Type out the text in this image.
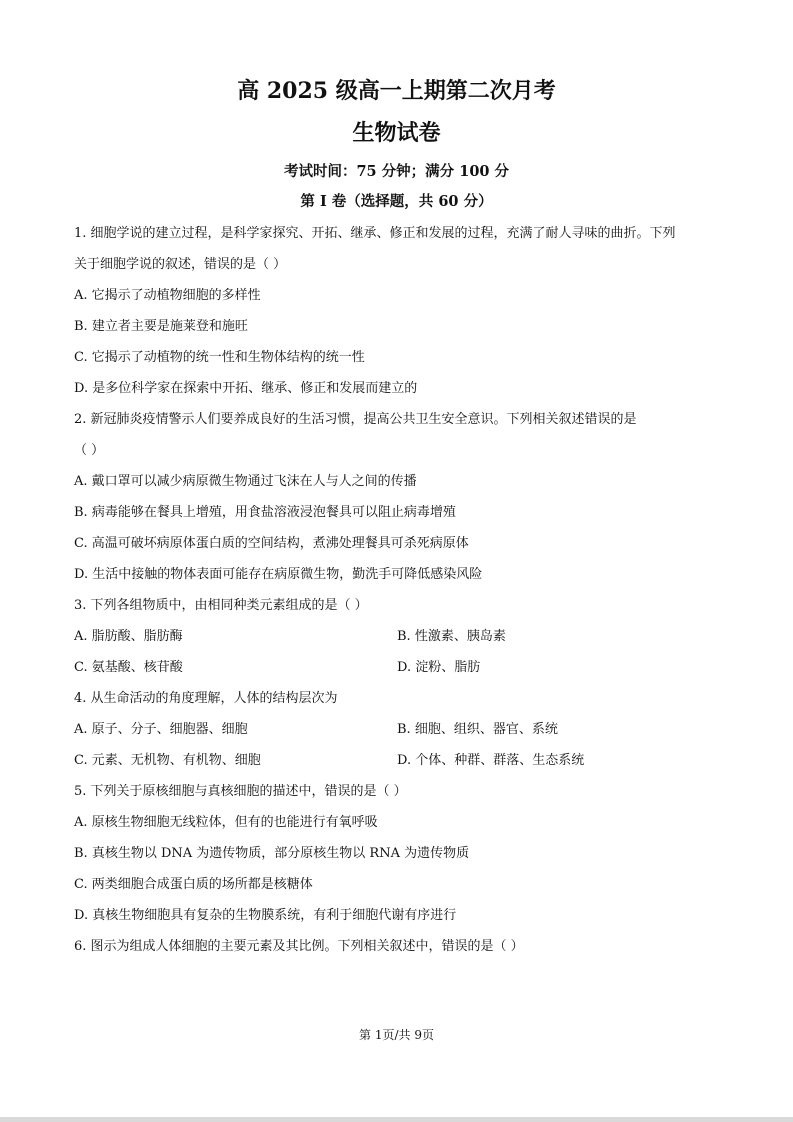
高 2025 级高一上期第二次月考
生物试卷
考试时间：75 分钟；满分 100 分
第 I 卷（选择题，共 60 分）
1. 细胞学说的建立过程，是科学家探究、开拓、继承、修正和发展的过程，充满了耐人寻味的曲折。下列
关于细胞学说的叙述，错误的是（ ）
A. 它揭示了动植物细胞的多样性
B. 建立者主要是施莱登和施旺
C. 它揭示了动植物的统一性和生物体结构的统一性
D. 是多位科学家在探索中开拓、继承、修正和发展而建立的
2. 新冠肺炎疫情警示人们要养成良好的生活习惯，提高公共卫生安全意识。下列相关叙述错误的是
（ ）
A. 戴口罩可以减少病原微生物通过飞沫在人与人之间的传播
B. 病毒能够在餐具上增殖，用食盐溶液浸泡餐具可以阻止病毒增殖
C. 高温可破坏病原体蛋白质的空间结构，煮沸处理餐具可杀死病原体
D. 生活中接触的物体表面可能存在病原微生物，勤洗手可降低感染风险
3. 下列各组物质中，由相同种类元素组成的是（ ）
A. 脂肪酸、脂肪酶	B. 性激素、胰岛素
C. 氨基酸、核苷酸	D. 淀粉、脂肪
4. 从生命活动的角度理解，人体的结构层次为
A. 原子、分子、细胞器、细胞	B. 细胞、组织、器官、系统
C. 元素、无机物、有机物、细胞	D. 个体、种群、群落、生态系统
5. 下列关于原核细胞与真核细胞的描述中，错误的是（ ）
A. 原核生物细胞无线粒体，但有的也能进行有氧呼吸
B. 真核生物以 DNA 为遗传物质，部分原核生物以 RNA 为遗传物质
C. 两类细胞合成蛋白质的场所都是核糖体
D. 真核生物细胞具有复杂的生物膜系统，有利于细胞代谢有序进行
6. 图示为组成人体细胞的主要元素及其比例。下列相关叙述中，错误的是（ ）
第 1页/共 9页
